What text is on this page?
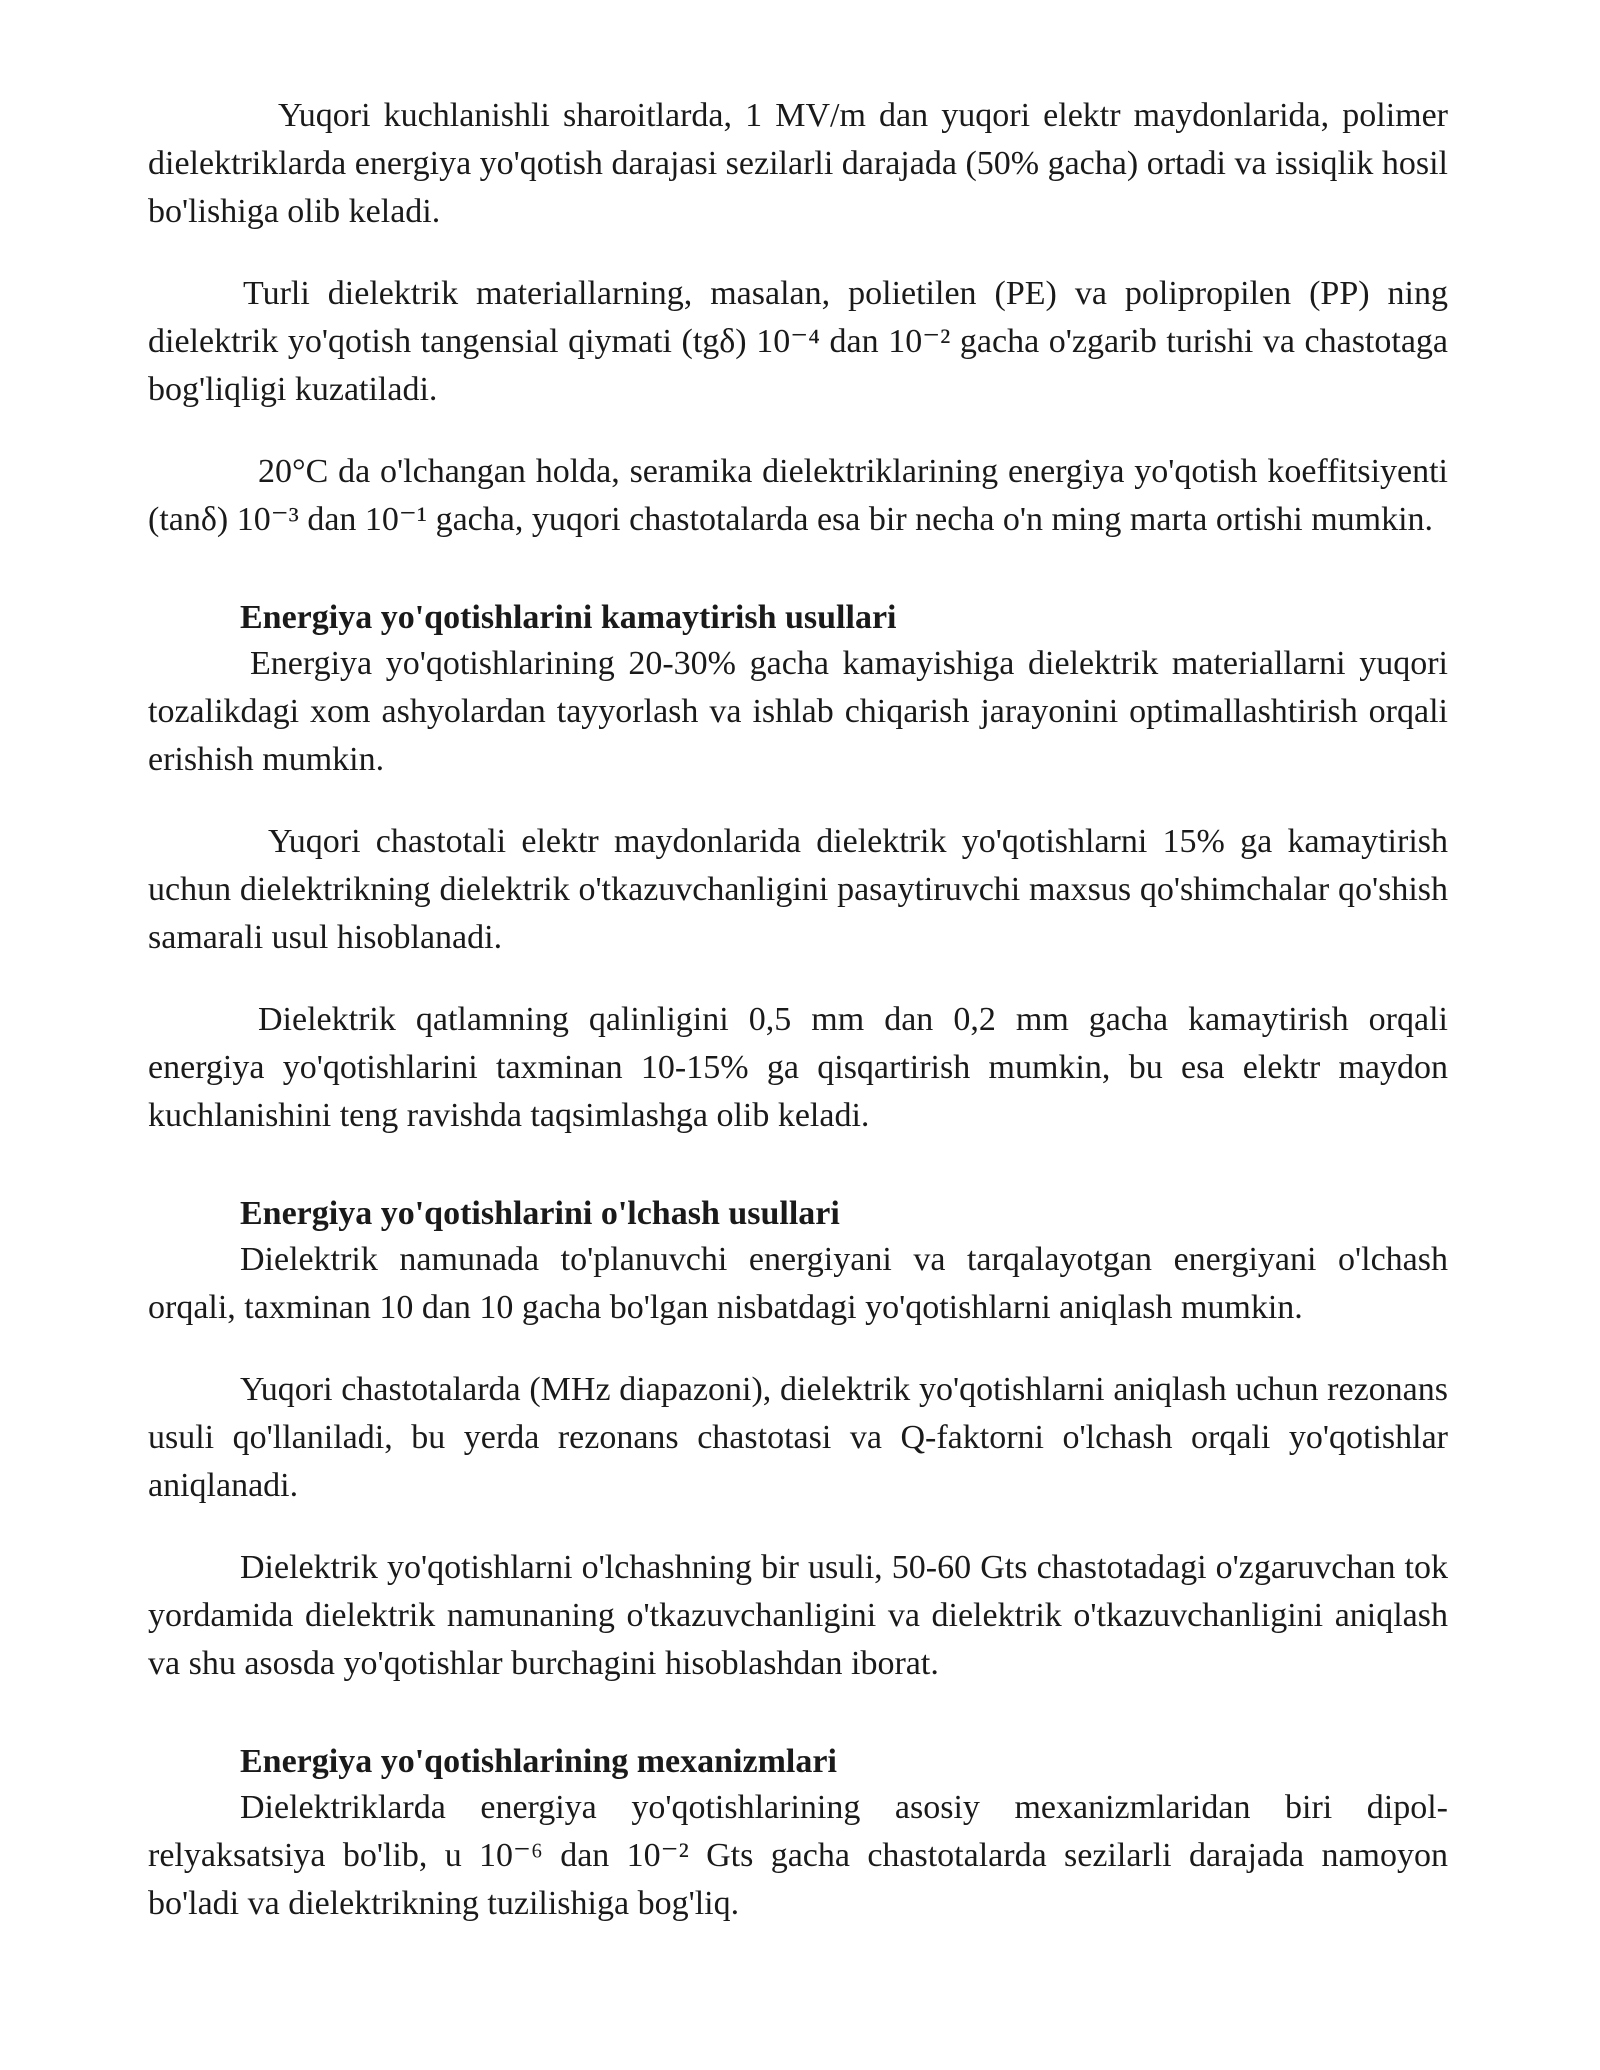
Yuqori kuchlanishli sharoitlarda, 1 MV/m dan yuqori elektr maydonlarida, polimer dielektriklarda energiya yo'qotish darajasi sezilarli darajada (50% gacha) ortadi va issiqlik hosil bo'lishiga olib keladi.

Turli dielektrik materiallarning, masalan, polietilen (PE) va polipropilen (PP) ning dielektrik yo'qotish tangensial qiymati (tgδ) 10⁻⁴ dan 10⁻² gacha o'zgarib turishi va chastotaga bog'liqligi kuzatiladi.

20°C da o'lchangan holda, seramika dielektriklarining energiya yo'qotish koeffitsiyenti (tanδ) 10⁻³ dan 10⁻¹ gacha, yuqori chastotalarda esa bir necha o'n ming marta ortishi mumkin.

Energiya yo'qotishlarini kamaytirish usullari

Energiya yo'qotishlarining 20-30% gacha kamayishiga dielektrik materiallarni yuqori tozalikdagi xom ashyolardan tayyorlash va ishlab chiqarish jarayonini optimallashtirish orqali erishish mumkin.

Yuqori chastotali elektr maydonlarida dielektrik yo'qotishlarni 15% ga kamaytirish uchun dielektrikning dielektrik o'tkazuvchanligini pasaytiruvchi maxsus qo'shimchalar qo'shish samarali usul hisoblanadi.

Dielektrik qatlamning qalinligini 0,5 mm dan 0,2 mm gacha kamaytirish orqali energiya yo'qotishlarini taxminan 10-15% ga qisqartirish mumkin, bu esa elektr maydon kuchlanishini teng ravishda taqsimlashga olib keladi.

Energiya yo'qotishlarini o'lchash usullari

Dielektrik namunada to'planuvchi energiyani va tarqalayotgan energiyani o'lchash orqali, taxminan 10 dan 10 gacha bo'lgan nisbatdagi yo'qotishlarni aniqlash mumkin.

Yuqori chastotalarda (MHz diapazoni), dielektrik yo'qotishlarni aniqlash uchun rezonans usuli qo'llaniladi, bu yerda rezonans chastotasi va Q-faktorni o'lchash orqali yo'qotishlar aniqlanadi.

Dielektrik yo'qotishlarni o'lchashning bir usuli, 50-60 Gts chastotadagi o'zgaruvchan tok yordamida dielektrik namunaning o'tkazuvchanligini va dielektrik o'tkazuvchanligini aniqlash va shu asosda yo'qotishlar burchagini hisoblashdan iborat.

Energiya yo'qotishlarining mexanizmlari

Dielektriklarda energiya yo'qotishlarining asosiy mexanizmlaridan biri dipol-relyaksatsiya bo'lib, u 10⁻⁶ dan 10⁻² Gts gacha chastotalarda sezilarli darajada namoyon bo'ladi va dielektrikning tuzilishiga bog'liq.
